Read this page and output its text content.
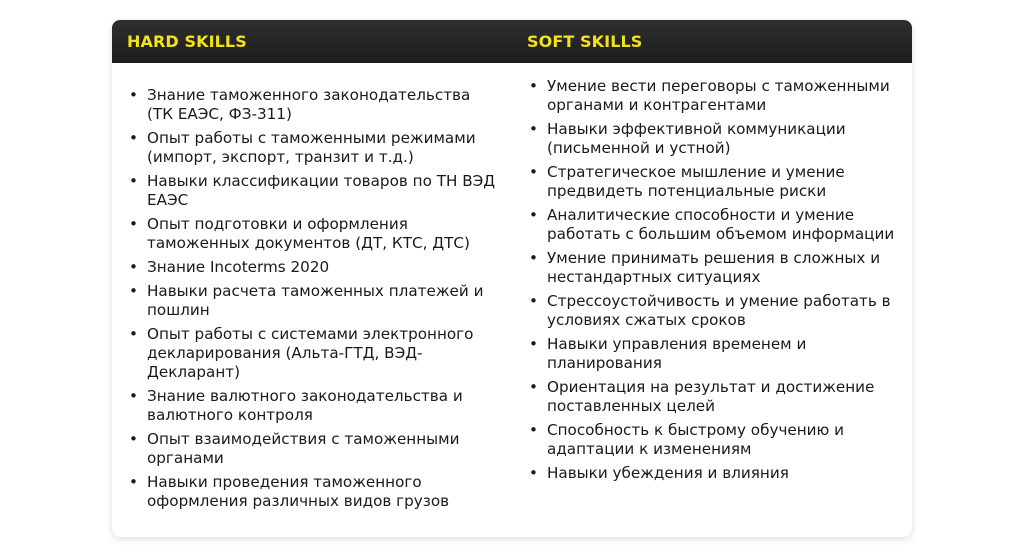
HARD SKILLS	SOFT SKILLS
• Знание таможенного законодательства (ТК ЕАЭС, ФЗ-311)
• Опыт работы с таможенными режимами (импорт, экспорт, транзит и т.д.)
• Навыки классификации товаров по ТН ВЭД ЕАЭС
• Опыт подготовки и оформления таможенных документов (ДТ, КТС, ДТС)
• Знание Incoterms 2020
• Навыки расчета таможенных платежей и пошлин
• Опыт работы с системами электронного декларирования (Альта-ГТД, ВЭД-Декларант)
• Знание валютного законодательства и валютного контроля
• Опыт взаимодействия с таможенными органами
• Навыки проведения таможенного оформления различных видов грузов
• Умение вести переговоры с таможенными органами и контрагентами
• Навыки эффективной коммуникации (письменной и устной)
• Стратегическое мышление и умение предвидеть потенциальные риски
• Аналитические способности и умение работать с большим объемом информации
• Умение принимать решения в сложных и нестандартных ситуациях
• Стрессоустойчивость и умение работать в условиях сжатых сроков
• Навыки управления временем и планирования
• Ориентация на результат и достижение поставленных целей
• Способность к быстрому обучению и адаптации к изменениям
• Навыки убеждения и влияния
